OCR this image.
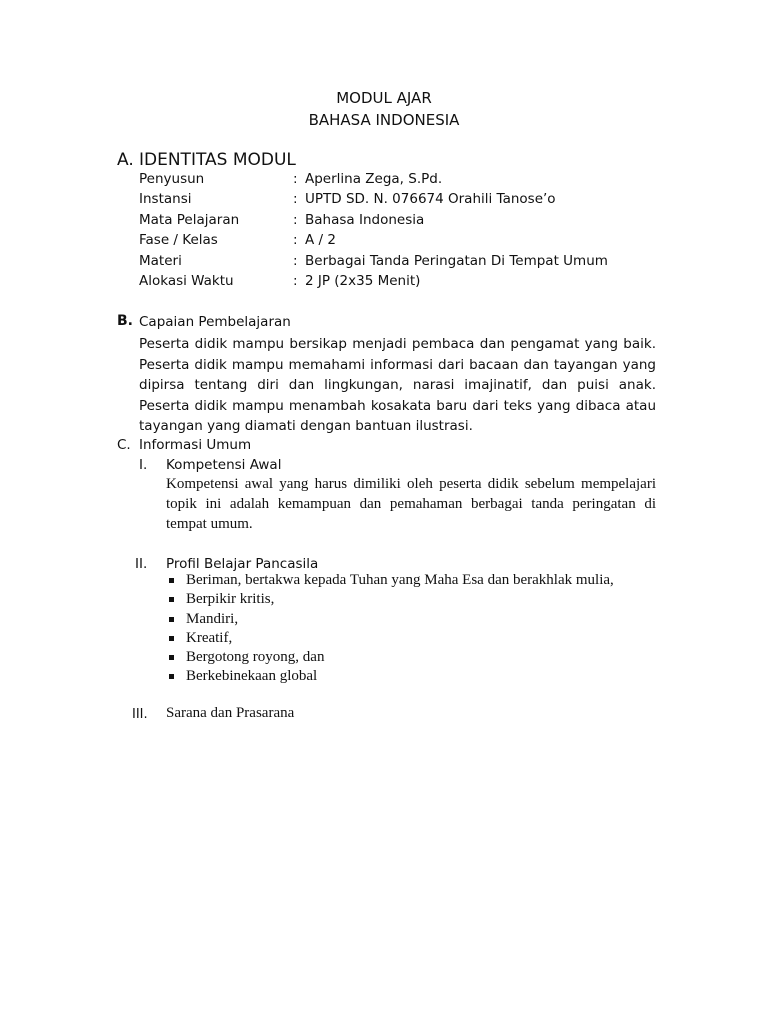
MODUL AJAR
BAHASA INDONESIA
A. IDENTITAS MODUL
Penyusun	: Aperlina Zega, S.Pd.
Instansi	: UPTD SD. N. 076674 Orahili Tanose’o
Mata Pelajaran	: Bahasa Indonesia
Fase / Kelas	: A / 2
Materi	: Berbagai Tanda Peringatan Di Tempat Umum
Alokasi Waktu	: 2 JP (2x35 Menit)
B. Capaian Pembelajaran
Peserta didik mampu bersikap menjadi pembaca dan pengamat yang baik. Peserta didik mampu memahami informasi dari bacaan dan tayangan yang dipirsa tentang diri dan lingkungan, narasi imajinatif, dan puisi anak. Peserta didik mampu menambah kosakata baru dari teks yang dibaca atau tayangan yang diamati dengan bantuan ilustrasi.
C. Informasi Umum
I. Kompetensi Awal
Kompetensi awal yang harus dimiliki oleh peserta didik sebelum mempelajari topik ini adalah kemampuan dan pemahaman berbagai tanda peringatan di tempat umum.
II. Profil Belajar Pancasila
Beriman, bertakwa kepada Tuhan yang Maha Esa dan berakhlak mulia,
Berpikir kritis,
Mandiri,
Kreatif,
Bergotong royong, dan
Berkebinekaan global
III. Sarana dan Prasarana
